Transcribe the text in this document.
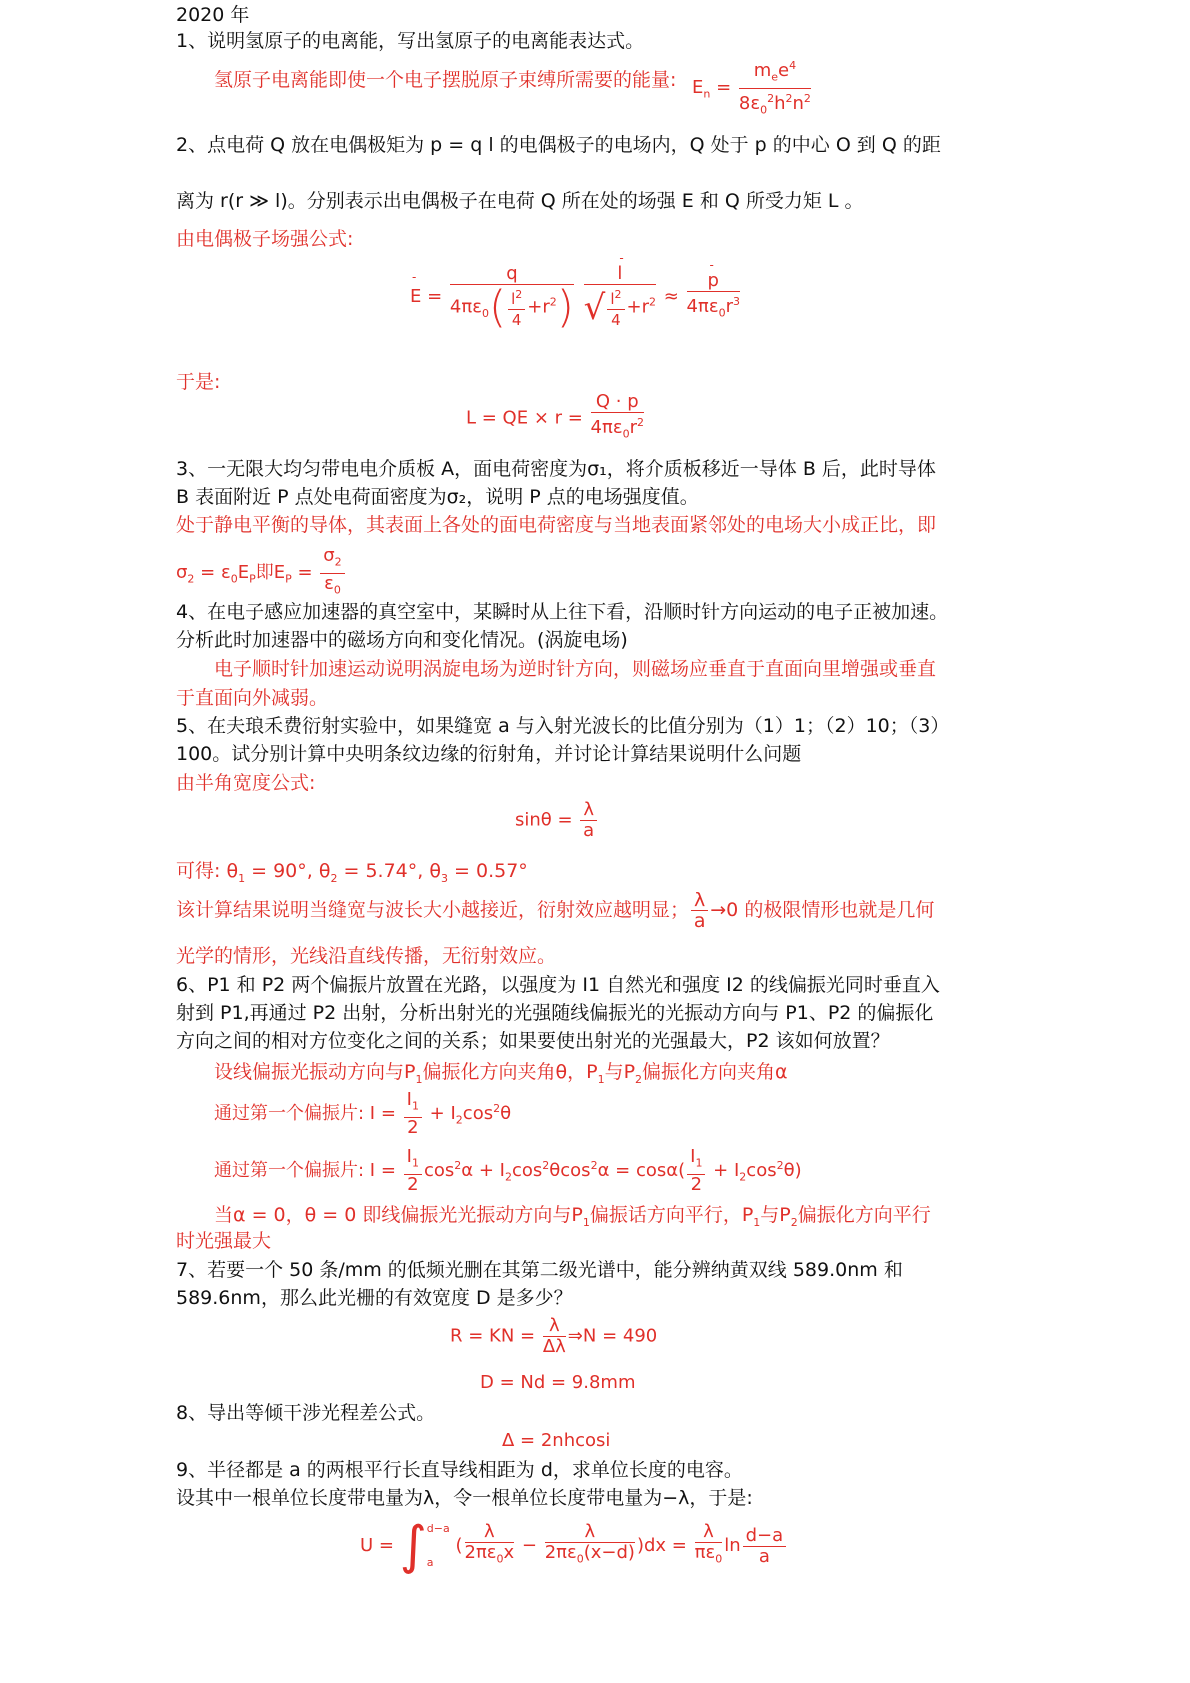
2020 年
1、说明氢原子的电离能，写出氢原子的电离能表达式。
氢原子电离能即使一个电子摆脱原子束缚所需要的能量: $E_n = \frac{m_ee^4}{8\varepsilon_0^2h^2n^2}$
2、点电荷 Q 放在电偶极矩为 p = q l 的电偶极子的电场内，Q 处于 p 的中心 O 到 Q 的距
离为 r(r ≫ l)。分别表示出电偶极子在电荷 Q 所在处的场强 E 和 Q 所受力矩 L 。
由电偶极子场强公式:
- $E = \frac{q}{4\pi\varepsilon_0( \frac{l^2}{4} +r^2)}$
- $\frac{l}{√ \frac{l^2}{4} +r^2}$ ≈ - $\frac{p}{4\pi\varepsilon_0r^3}$
于是:
L = QE × $r = \frac{Q \cdot p}{4\pi\varepsilon_0r^2}$
3、一无限大均匀带电电介质板 A，面电荷密度为σ₁，将介质板移近一导体 B 后，此时导体
B 表面附近 P 点处电荷面密度为σ₂，说明 P 点的电场强度值。
处于静电平衡的导体，其表面上各处的面电荷密度与当地表面紧邻处的电场大小成正比，即
$\sigma_2 = \varepsilon_0E_P$即$E_P = \frac{\sigma_2}{\varepsilon_0}$
4、在电子感应加速器的真空室中，某瞬时从上往下看，沿顺时针方向运动的电子正被加速。
分析此时加速器中的磁场方向和变化情况。(涡旋电场)
电子顺时针加速运动说明涡旋电场为逆时针方向，则磁场应垂直于直面向里增强或垂直
于直面向外减弱。
5、在夫琅禾费衍射实验中，如果缝宽 a 与入射光波长的比值分别为（1）1；（2）10；（3）
100。试分别计算中央明条纹边缘的衍射角，并讨论计算结果说明什么问题
由半角宽度公式:
$\sin\theta = \frac{\lambda}{a}$
可得: $\theta_1 = 90^\circ$, $\theta_2 = 5.74^\circ$, $\theta_3 = 0.57^\circ$
该计算结果说明当缝宽与波长大小越接近，衍射效应越明显； $\frac{\lambda}{a} \to 0$ 的极限情形也就是几何
光学的情形，光线沿直线传播，无衍射效应。
6、P1 和 P2 两个偏振片放置在光路，以强度为 I1 自然光和强度 I2 的线偏振光同时垂直入
射到 P1,再通过 P2 出射，分析出射光的光强随线偏振光的光振动方向与 P1、P2 的偏振化
方向之间的相对方位变化之间的关系；如果要使出射光的光强最大，P2 该如何放置？
设线偏振光振动方向与$P_1$偏振化方向夹角θ，$P_1$与$P_2$偏振化方向夹角α
通过第一个偏振片: $I = \frac{I_1}{2} + I_2\cos^2\theta$
通过第一个偏振片: $I = \frac{I_1}{2} \cos^2\alpha + I_2\cos^2\theta\cos^2\alpha = \cos\alpha( \frac{I_1}{2} + I_2\cos^2\theta)$
当α = 0，θ = 0 即线偏振光光振动方向与$P_1$偏振话方向平行，$P_1$与$P_2$偏振化方向平行
时光强最大
7、若要一个 50 条/mm 的低频光删在其第二级光谱中，能分辨纳黄双线 589.0nm 和
589.6nm，那么此光栅的有效宽度 D 是多少？
R = KN = $\frac{\lambda}{\Delta\lambda}$ ⇒N = 490
D = Nd = 9.8mm
8、导出等倾干涉光程差公式。
Δ = 2nhcosi
9、半径都是 a 的两根平行长直导线相距为 d，求单位长度的电容。
设其中一根单位长度带电量为λ，令一根单位长度带电量为−λ，于是:
U = ∫ d−a
a
( $\frac{\lambda}{2\pi\varepsilon_0x} - \frac{\lambda}{2\pi\varepsilon_0(x-d)} )dx = \frac{\lambda}{\pi\varepsilon_0}$ $\ln \frac{d-a}{a}$
